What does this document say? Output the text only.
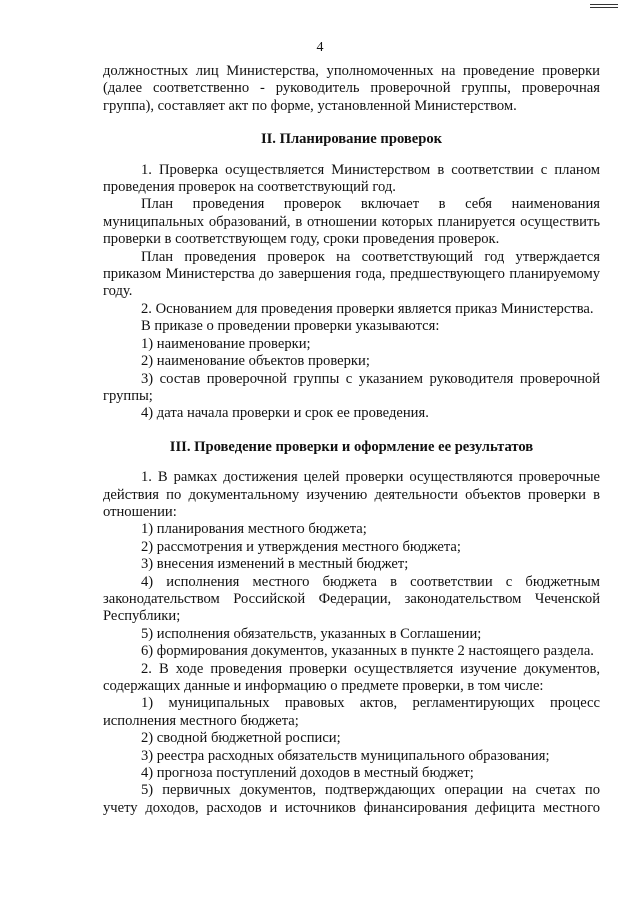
4

должностных лиц Министерства, уполномоченных на проведение проверки (далее соответственно - руководитель проверочной группы, проверочная группа), составляет акт по форме, установленной Министерством.

II. Планирование проверок

1. Проверка осуществляется Министерством в соответствии с планом проведения проверок на соответствующий год.

План проведения проверок включает в себя наименования муниципальных образований, в отношении которых планируется осуществить проверки в соответствующем году, сроки проведения проверок.

План проведения проверок на соответствующий год утверждается приказом Министерства до завершения года, предшествующего планируемому году.

2. Основанием для проведения проверки является приказ Министерства.

В приказе о проведении проверки указываются:

1) наименование проверки;

2) наименование объектов проверки;

3) состав проверочной группы с указанием руководителя проверочной группы;

4) дата начала проверки и срок ее проведения.

III. Проведение проверки и оформление ее результатов

1. В рамках достижения целей проверки осуществляются проверочные действия по документальному изучению деятельности объектов проверки в отношении:

1) планирования местного бюджета;

2) рассмотрения и утверждения местного бюджета;

3) внесения изменений в местный бюджет;

4) исполнения местного бюджета в соответствии с бюджетным законодательством Российской Федерации, законодательством Чеченской Республики;

5) исполнения обязательств, указанных в Соглашении;

6) формирования документов, указанных в пункте 2 настоящего раздела.

2. В ходе проведения проверки осуществляется изучение документов, содержащих данные и информацию о предмете проверки, в том числе:

1) муниципальных правовых актов, регламентирующих процесс исполнения местного бюджета;

2) сводной бюджетной росписи;

3) реестра расходных обязательств муниципального образования;

4) прогноза поступлений доходов в местный бюджет;

5) первичных документов, подтверждающих операции на счетах по учету доходов, расходов и источников финансирования дефицита местного
